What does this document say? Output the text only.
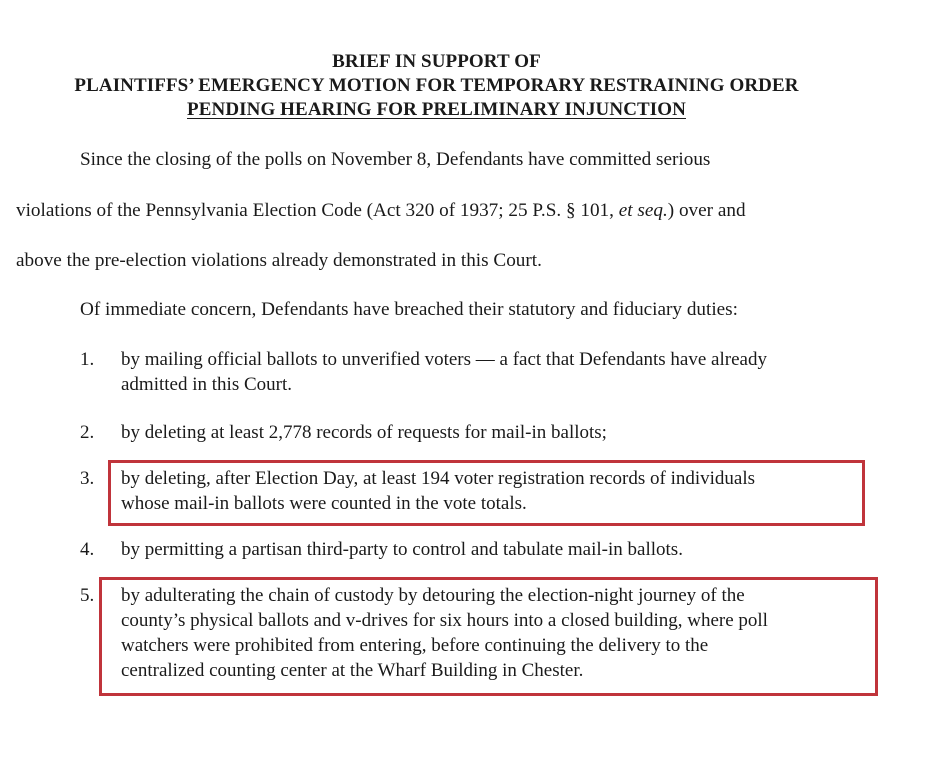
BRIEF IN SUPPORT OF
PLAINTIFFS’ EMERGENCY MOTION FOR TEMPORARY RESTRAINING ORDER
PENDING HEARING FOR PRELIMINARY INJUNCTION
Since the closing of the polls on November 8, Defendants have committed serious
violations of the Pennsylvania Election Code (Act 320 of 1937; 25 P.S. § 101, et seq.) over and
above the pre-election violations already demonstrated in this Court.
Of immediate concern, Defendants have breached their statutory and fiduciary duties:
1. by mailing official ballots to unverified voters — a fact that Defendants have already
admitted in this Court.
2. by deleting at least 2,778 records of requests for mail-in ballots;
3. by deleting, after Election Day, at least 194 voter registration records of individuals
whose mail-in ballots were counted in the vote totals.
4. by permitting a partisan third-party to control and tabulate mail-in ballots.
5. by adulterating the chain of custody by detouring the election-night journey of the
county’s physical ballots and v-drives for six hours into a closed building, where poll
watchers were prohibited from entering, before continuing the delivery to the
centralized counting center at the Wharf Building in Chester.
